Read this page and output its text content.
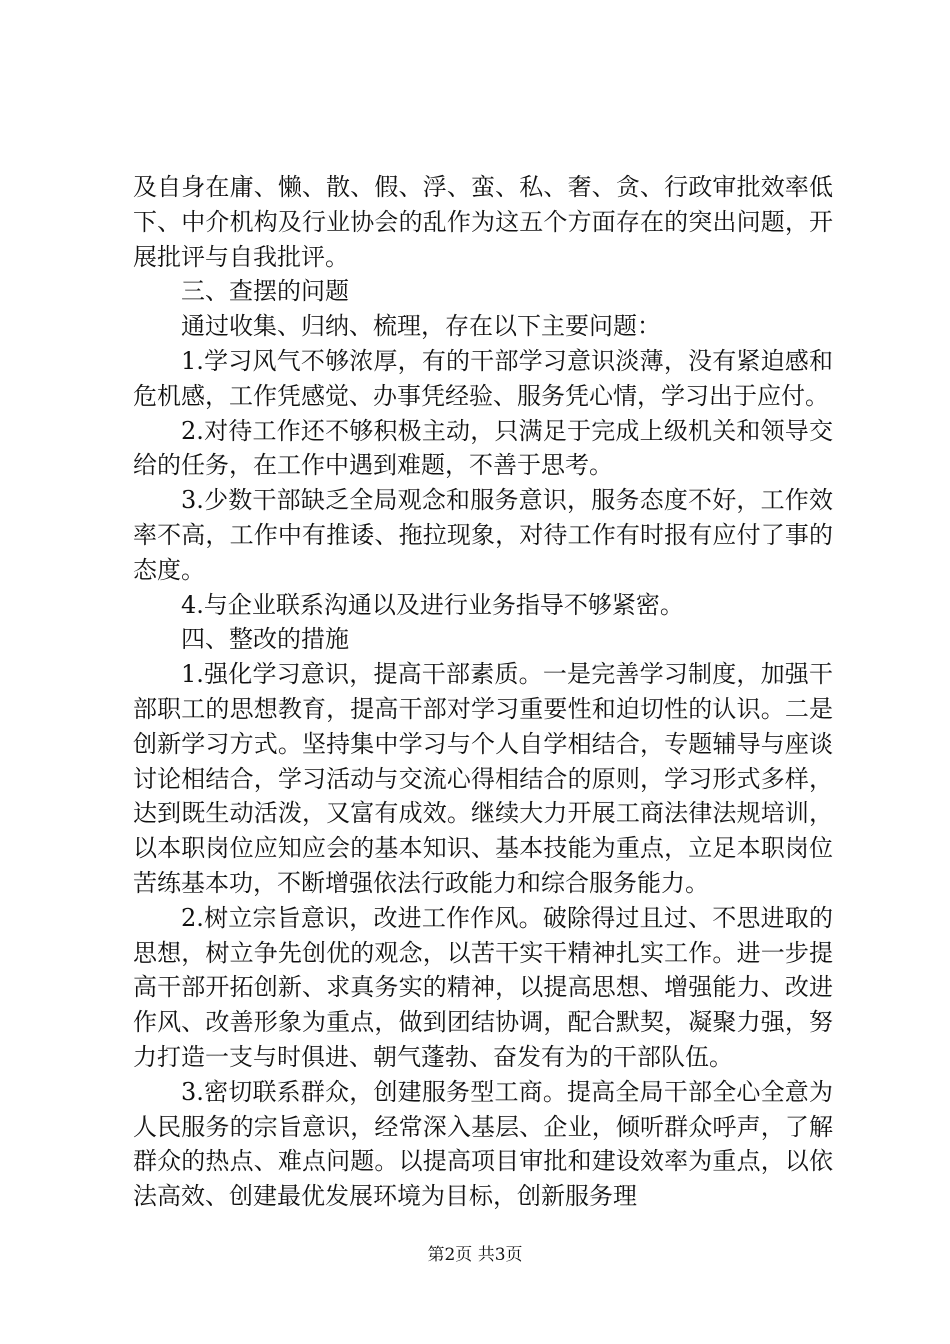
及自身在庸、懒、散、假、浮、蛮、私、奢、贪、行政审批效率低下、中介机构及行业协会的乱作为这五个方面存在的突出问题，开展批评与自我批评。

三、查摆的问题

通过收集、归纳、梳理，存在以下主要问题：

1.学习风气不够浓厚，有的干部学习意识淡薄，没有紧迫感和危机感，工作凭感觉、办事凭经验、服务凭心情，学习出于应付。

2.对待工作还不够积极主动，只满足于完成上级机关和领导交给的任务，在工作中遇到难题，不善于思考。

3.少数干部缺乏全局观念和服务意识，服务态度不好，工作效率不高，工作中有推诿、拖拉现象，对待工作有时报有应付了事的态度。

4.与企业联系沟通以及进行业务指导不够紧密。

四、整改的措施

1.强化学习意识，提高干部素质。一是完善学习制度，加强干部职工的思想教育，提高干部对学习重要性和迫切性的认识。二是创新学习方式。坚持集中学习与个人自学相结合，专题辅导与座谈讨论相结合，学习活动与交流心得相结合的原则，学习形式多样，达到既生动活泼，又富有成效。继续大力开展工商法律法规培训，以本职岗位应知应会的基本知识、基本技能为重点，立足本职岗位苦练基本功，不断增强依法行政能力和综合服务能力。

2.树立宗旨意识，改进工作作风。破除得过且过、不思进取的思想，树立争先创优的观念，以苦干实干精神扎实工作。进一步提高干部开拓创新、求真务实的精神，以提高思想、增强能力、改进作风、改善形象为重点，做到团结协调，配合默契，凝聚力强，努力打造一支与时俱进、朝气蓬勃、奋发有为的干部队伍。

3.密切联系群众，创建服务型工商。提高全局干部全心全意为人民服务的宗旨意识，经常深入基层、企业，倾听群众呼声，了解群众的热点、难点问题。以提高项目审批和建设效率为重点，以依法高效、创建最优发展环境为目标，创新服务理

第2页 共3页
